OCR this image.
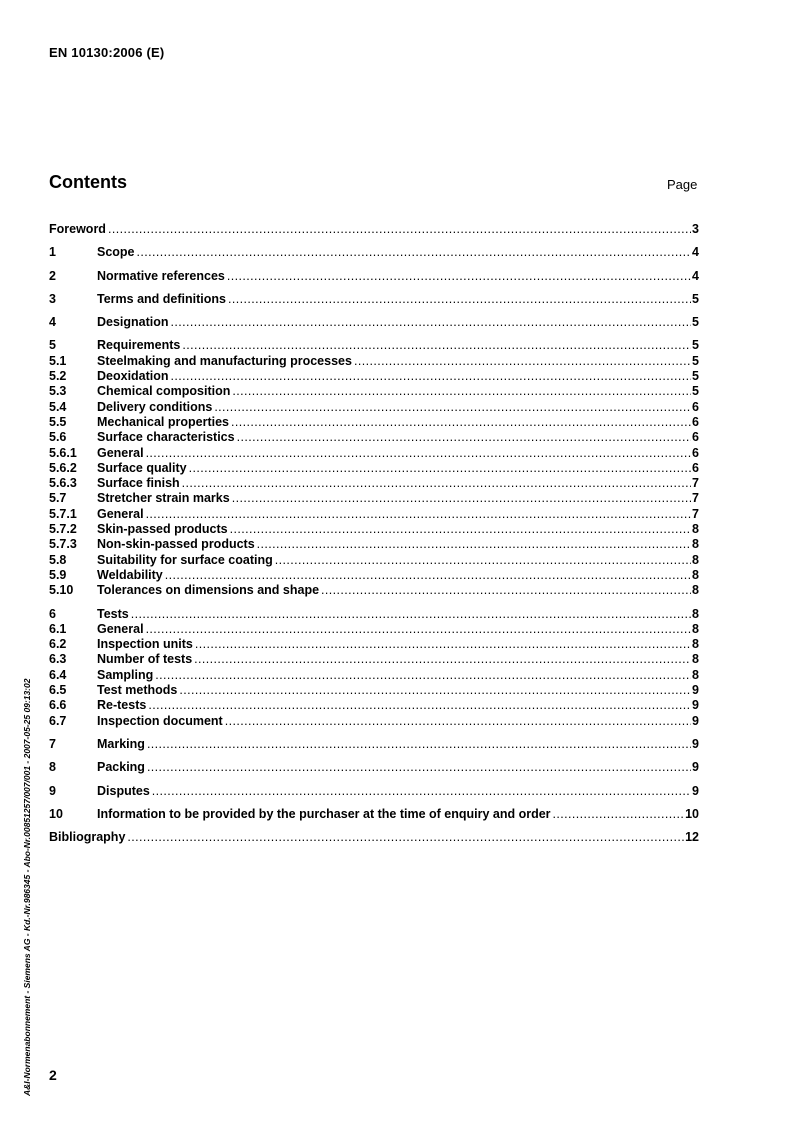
EN 10130:2006 (E)
Contents	Page
Foreword .....	3
1	Scope .....	4
2	Normative references .....	4
3	Terms and definitions .....	5
4	Designation .....	5
5	Requirements .....	5
5.1	Steelmaking and manufacturing processes .....	5
5.2	Deoxidation .....	5
5.3	Chemical composition .....	5
5.4	Delivery conditions .....	6
5.5	Mechanical properties .....	6
5.6	Surface characteristics .....	6
5.6.1	General .....	6
5.6.2	Surface quality .....	6
5.6.3	Surface finish .....	7
5.7	Stretcher strain marks .....	7
5.7.1	General .....	7
5.7.2	Skin-passed products .....	8
5.7.3	Non-skin-passed products .....	8
5.8	Suitability for surface coating .....	8
5.9	Weldability .....	8
5.10	Tolerances on dimensions and shape .....	8
6	Tests .....	8
6.1	General .....	8
6.2	Inspection units .....	8
6.3	Number of tests .....	8
6.4	Sampling .....	8
6.5	Test methods .....	9
6.6	Re-tests .....	9
6.7	Inspection document .....	9
7	Marking .....	9
8	Packing .....	9
9	Disputes .....	9
10	Information to be provided by the purchaser at the time of enquiry and order .....	10
Bibliography .....	12
A&I-Normenabonnement - Siemens AG - Kd.-Nr.986345 - Abo-Nr.00851257/007/001 - 2007-05-25 09:13:02 2
